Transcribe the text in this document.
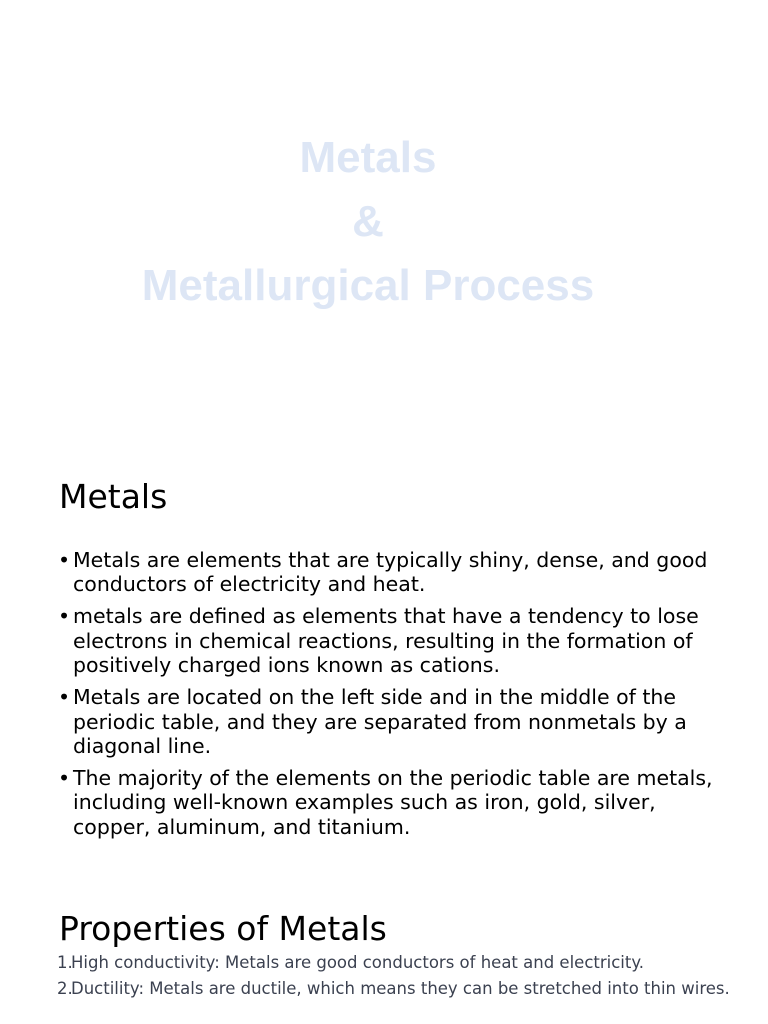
Metals
&
Metallurgical Process
Metals
• Metals are elements that are typically shiny, dense, and good conductors of electricity and heat.
• metals are defined as elements that have a tendency to lose electrons in chemical reactions, resulting in the formation of positively charged ions known as cations.
• Metals are located on the left side and in the middle of the periodic table, and they are separated from nonmetals by a diagonal line.
• The majority of the elements on the periodic table are metals, including well-known examples such as iron, gold, silver, copper, aluminum, and titanium.
Properties of Metals
1.
High conductivity: Metals are good conductors of heat and electricity.
2.
Ductility: Metals are ductile, which means they can be stretched into thin wires.
